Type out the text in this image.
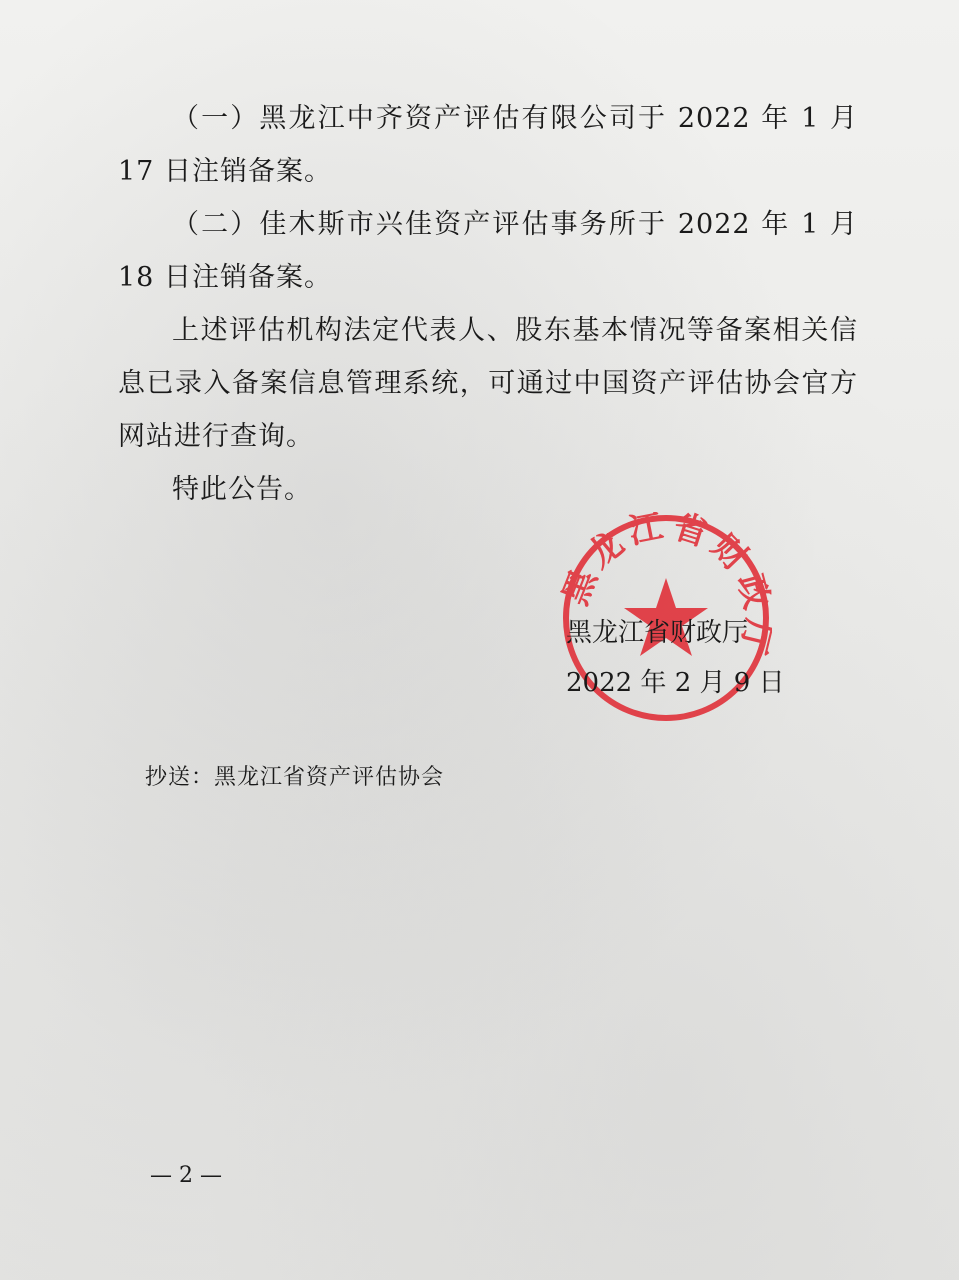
（一）黑龙江中齐资产评估有限公司于 2022 年 1 月 17 日注销备案。

（二）佳木斯市兴佳资产评估事务所于 2022 年 1 月 18 日注销备案。

上述评估机构法定代表人、股东基本情况等备案相关信息已录入备案信息管理系统，可通过中国资产评估协会官方网站进行查询。

特此公告。

黑龙江省财
黑龙江省财政厅
2022 年 2 月 9 日
抄送：黑龙江省资产评估协会
— 2 —
